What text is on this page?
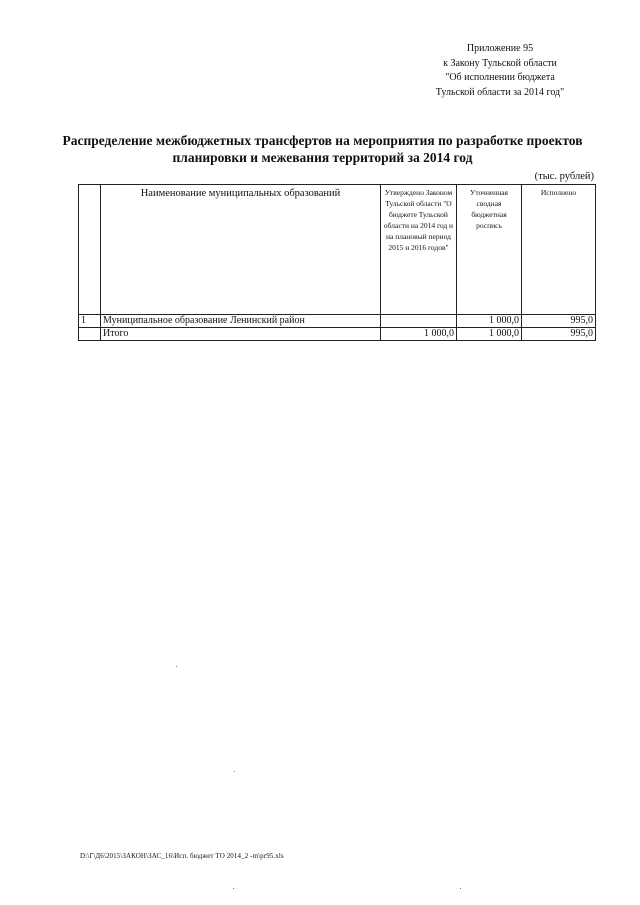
Приложение 95
к Закону Тульской области
"Об исполнении бюджета
Тульской области за 2014 год"
Распределение межбюджетных трансфертов на мероприятия по разработке проектов
планировки и межевания территорий за 2014 год
(тыс. рублей)
	Наименование муниципальных образований	Утверждено Законом Тульской области "О бюджете Тульской области на 2014 год и на плановый период 2015 и 2016 годов"	Уточненная сводная бюджетная роспись	Исполнено
1	Муниципальное образование Ленинский район		1 000,0	995,0
	Итого	1 000,0	1 000,0	995,0
D:\Г\Д6\2015\ЗАКОН\ЗАС_16\Исп. бюджет ТО 2014_2 -m\pr95.xls
